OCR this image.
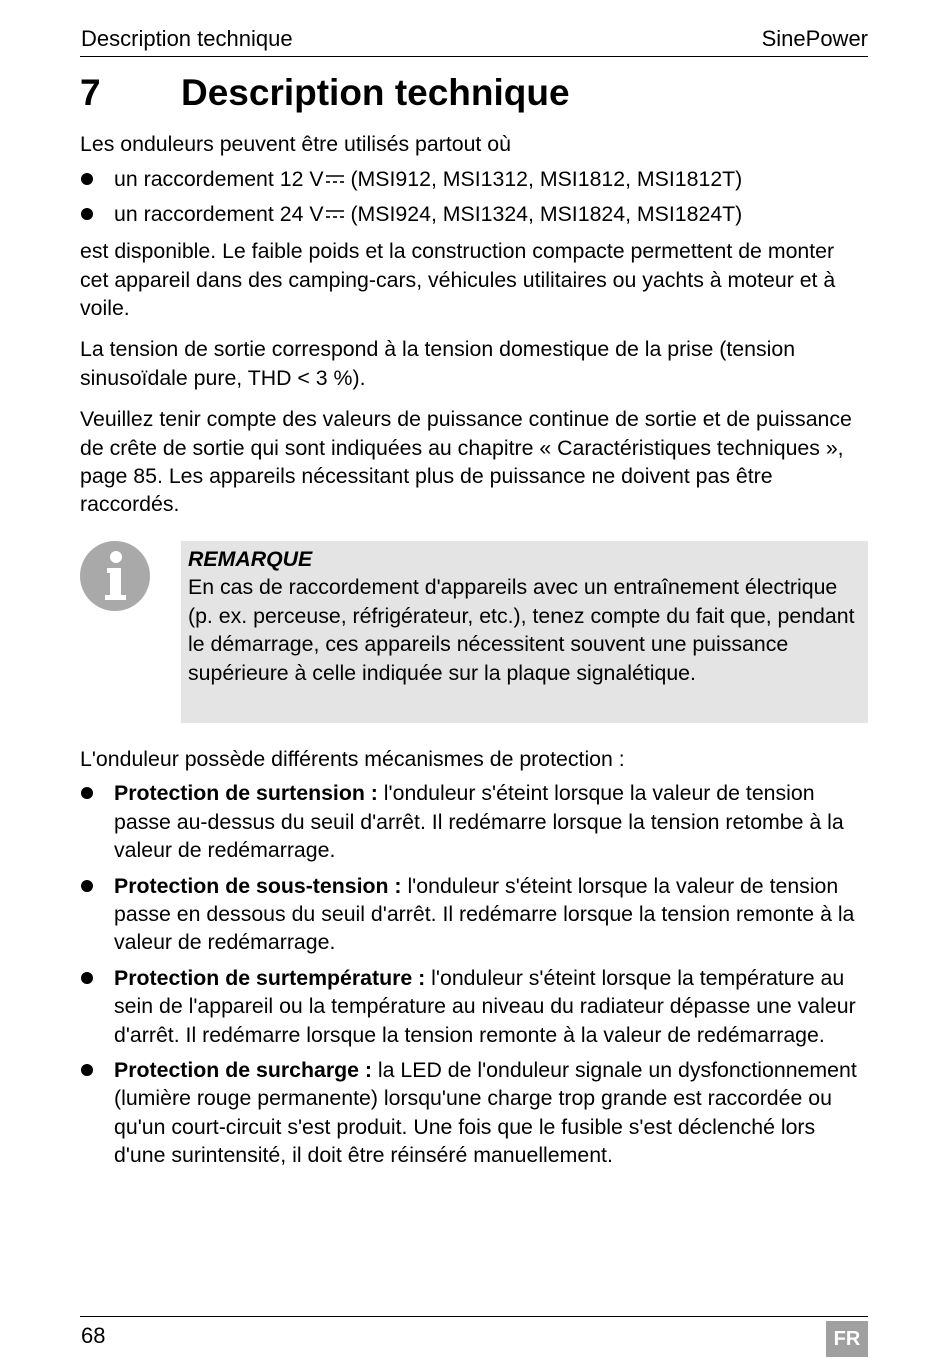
Description technique	SinePower
7	Description technique

Les onduleurs peuvent être utilisés partout où

un raccordement 12 V (MSI912, MSI1312, MSI1812, MSI1812T)
un raccordement 24 V (MSI924, MSI1324, MSI1824, MSI1824T)

est disponible. Le faible poids et la construction compacte permettent de monter cet appareil dans des camping-cars, véhicules utilitaires ou yachts à moteur et à voile.

La tension de sortie correspond à la tension domestique de la prise (tension sinusoïdale pure, THD < 3 %).

Veuillez tenir compte des valeurs de puissance continue de sortie et de puissance de crête de sortie qui sont indiquées au chapitre « Caractéristiques techniques », page 85. Les appareils nécessitant plus de puissance ne doivent pas être raccordés.

REMARQUE
En cas de raccordement d'appareils avec un entraînement électrique (p. ex. perceuse, réfrigérateur, etc.), tenez compte du fait que, pendant le démarrage, ces appareils nécessitent souvent une puissance supérieure à celle indiquée sur la plaque signalétique.

L'onduleur possède différents mécanismes de protection :

Protection de surtension : l'onduleur s'éteint lorsque la valeur de tension passe au-dessus du seuil d'arrêt. Il redémarre lorsque la tension retombe à la valeur de redémarrage.
Protection de sous-tension : l'onduleur s'éteint lorsque la valeur de tension passe en dessous du seuil d'arrêt. Il redémarre lorsque la tension remonte à la valeur de redémarrage.
Protection de surtempérature : l'onduleur s'éteint lorsque la température au sein de l'appareil ou la température au niveau du radiateur dépasse une valeur d'arrêt. Il redémarre lorsque la tension remonte à la valeur de redémarrage.
Protection de surcharge : la LED de l'onduleur signale un dysfonctionnement (lumière rouge permanente) lorsqu'une charge trop grande est raccordée ou qu'un court-circuit s'est produit. Une fois que le fusible s'est déclenché lors d'une surintensité, il doit être réinséré manuellement.
68	FR
